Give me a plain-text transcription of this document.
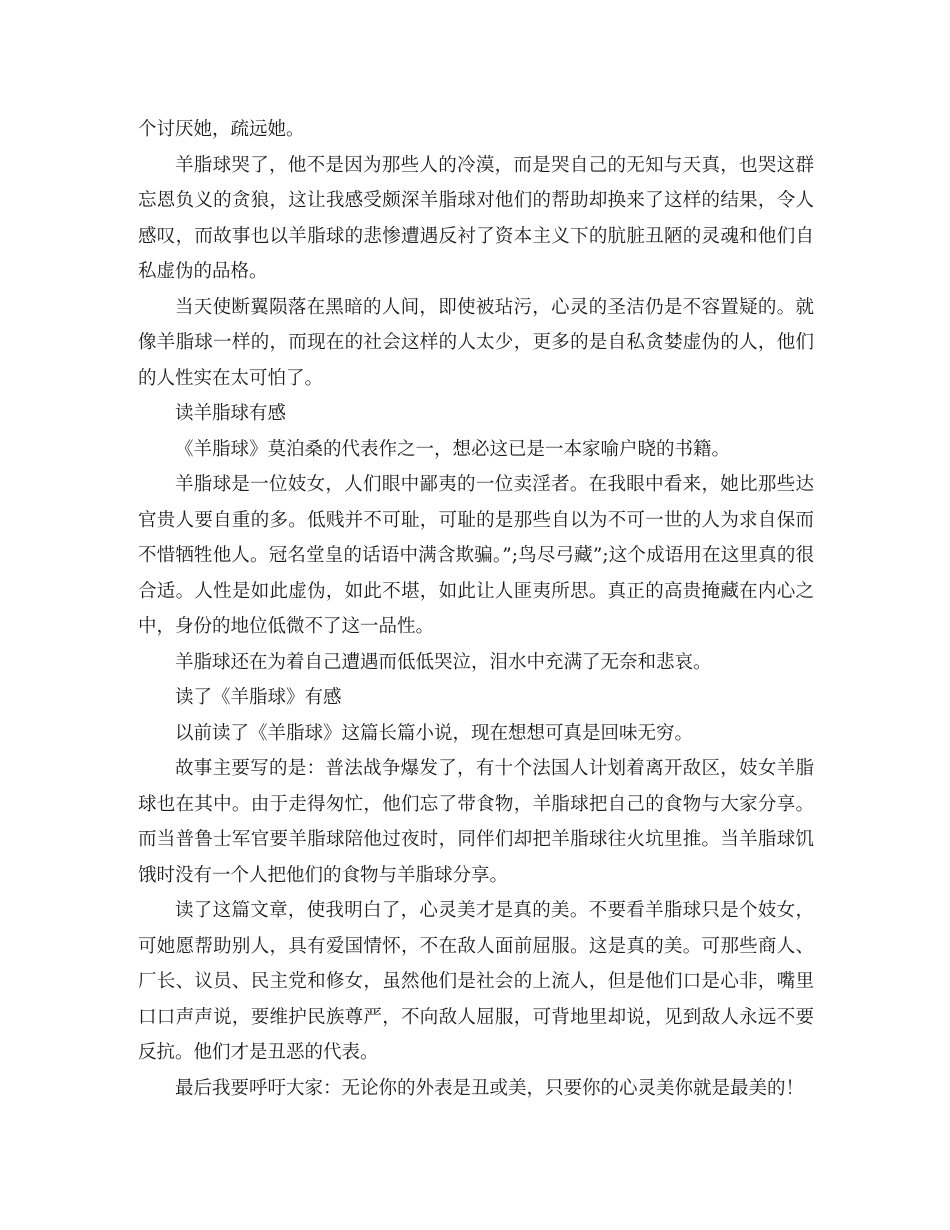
个讨厌她，疏远她。

羊脂球哭了，他不是因为那些人的冷漠，而是哭自己的无知与天真，也哭这群忘恩负义的贪狼，这让我感受颇深羊脂球对他们的帮助却换来了这样的结果，令人感叹，而故事也以羊脂球的悲惨遭遇反衬了资本主义下的肮脏丑陋的灵魂和他们自私虚伪的品格。

当天使断翼陨落在黑暗的人间，即使被玷污，心灵的圣洁仍是不容置疑的。就像羊脂球一样的，而现在的社会这样的人太少，更多的是自私贪婪虚伪的人，他们的人性实在太可怕了。

读羊脂球有感

《羊脂球》莫泊桑的代表作之一，想必这已是一本家喻户晓的书籍。

羊脂球是一位妓女，人们眼中鄙夷的一位卖淫者。在我眼中看来，她比那些达官贵人要自重的多。低贱并不可耻，可耻的是那些自以为不可一世的人为求自保而不惜牺牲他人。冠名堂皇的话语中满含欺骗。”;鸟尽弓藏”;这个成语用在这里真的很合适。人性是如此虚伪，如此不堪，如此让人匪夷所思。真正的高贵掩藏在内心之中，身份的地位低微不了这一品性。

羊脂球还在为着自己遭遇而低低哭泣，泪水中充满了无奈和悲哀。

读了《羊脂球》有感

以前读了《羊脂球》这篇长篇小说，现在想想可真是回味无穷。

故事主要写的是：普法战争爆发了，有十个法国人计划着离开敌区，妓女羊脂球也在其中。由于走得匆忙，他们忘了带食物，羊脂球把自己的食物与大家分享。而当普鲁士军官要羊脂球陪他过夜时，同伴们却把羊脂球往火坑里推。当羊脂球饥饿时没有一个人把他们的食物与羊脂球分享。

读了这篇文章，使我明白了，心灵美才是真的美。不要看羊脂球只是个妓女，可她愿帮助别人，具有爱国情怀，不在敌人面前屈服。这是真的美。可那些商人、厂长、议员、民主党和修女，虽然他们是社会的上流人，但是他们口是心非，嘴里口口声声说，要维护民族尊严，不向敌人屈服，可背地里却说，见到敌人永远不要反抗。他们才是丑恶的代表。

最后我要呼吁大家：无论你的外表是丑或美，只要你的心灵美你就是最美的！
